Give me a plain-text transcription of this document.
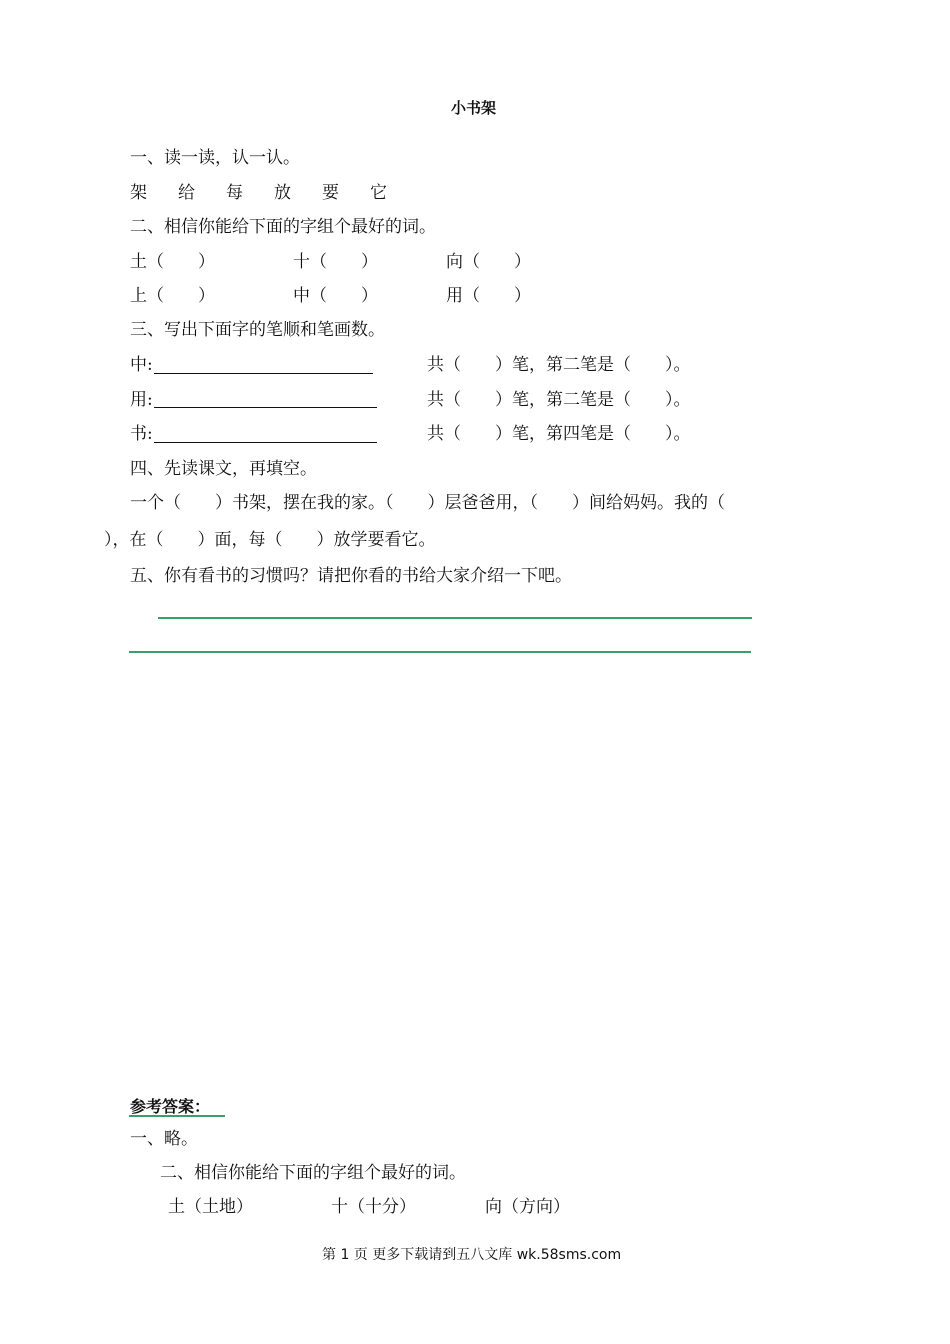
小书架
一、读一读，认一认。
架 给 每 放 要 它
二、相信你能给下面的字组个最好的词。
土（　　）	十（　　）	向（　　）
上（　　）	中（　　）	用（　　）
三、写出下面字的笔顺和笔画数。
中:	共（　　）笔，第二笔是（　　）。
用:	共（　　）笔，第二笔是（　　）。
书:	共（　　）笔，第四笔是（　　）。
四、先读课文，再填空。
一个（　　）书架，摆在我的家。（　　）层爸爸用，（　　）间给妈妈。我的（
），在（　　）面，每（　　）放学要看它。
五、你有看书的习惯吗？请把你看的书给大家介绍一下吧。
参考答案：
一、略。
二、相信你能给下面的字组个最好的词。
土（土地）	十（十分）	向（方向）
第 1 页 更多下载请到五八文库 wk.58sms.com
